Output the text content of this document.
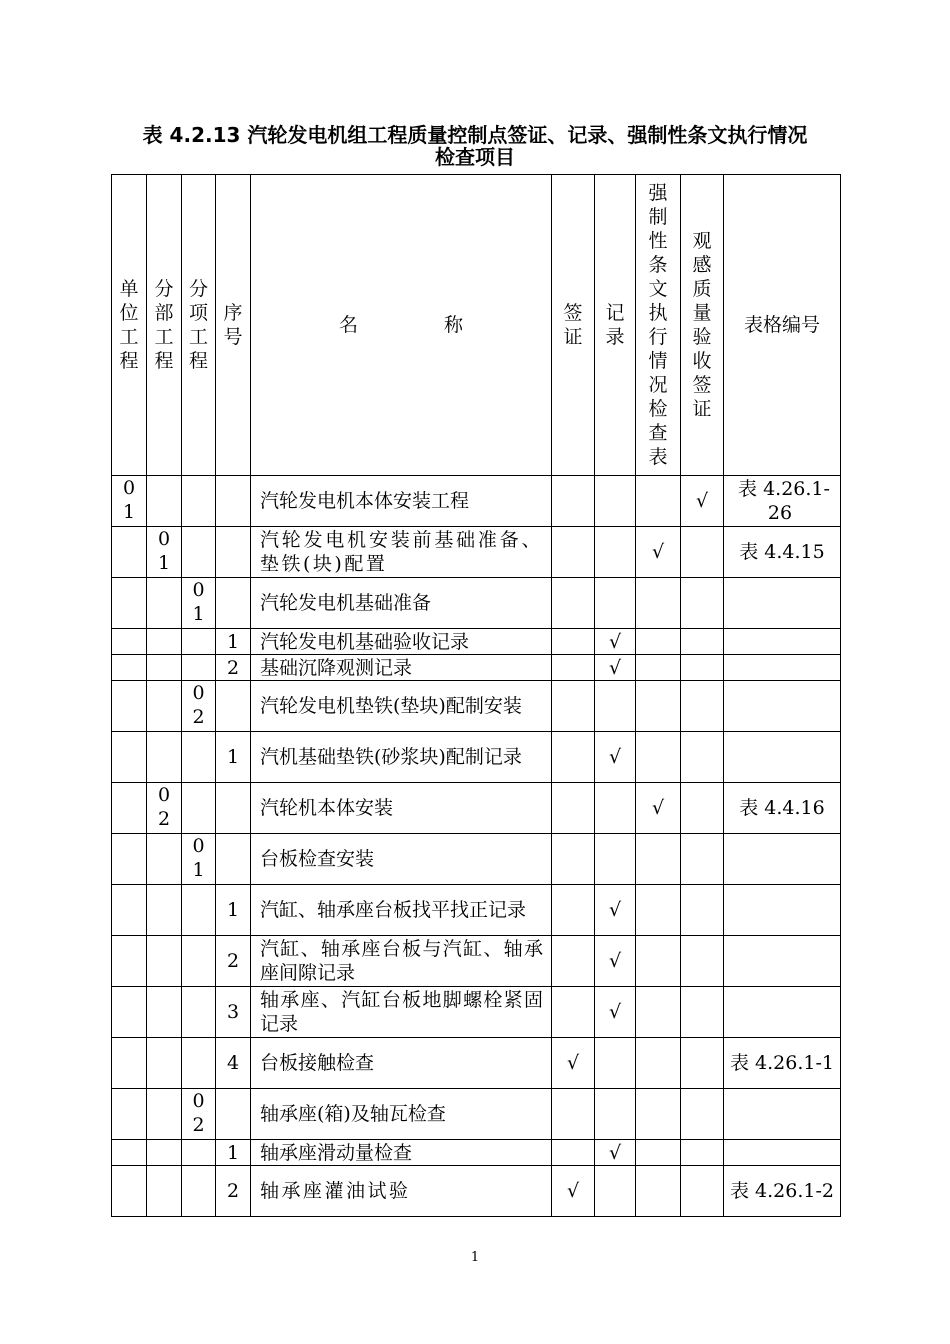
表 4.2.13 汽轮发电机组工程质量控制点签证、记录、强制性条文执行情况
检查项目
单位工程	分部工程	分项工程	序号	名 称	签证	记录	强制性条文执行情况检查表	观感质量验收签证	表格编号
01				汽轮发电机本体安装工程				√	表 4.26.1-26
	01			汽轮发电机安装前基础准备、垫铁(块)配置			√		表 4.4.15
		01		汽轮发电机基础准备					

			1	汽轮发电机基础验收记录		√			
			2	基础沉降观测记录		√			
		02		汽轮发电机垫铁(垫块)配制安装					

			1	汽机基础垫铁(砂浆块)配制记录		√			
	02			汽轮机本体安装			√		表 4.4.16
		01		台板检查安装					

			1	汽缸、轴承座台板找平找正记录		√			
			2	汽缸、轴承座台板与汽缸、轴承座间隙记录		√			
			3	轴承座、汽缸台板地脚螺栓紧固记录		√			
			4	台板接触检查	√				表 4.26.1-1
		02		轴承座(箱)及轴瓦检查					

			1	轴承座滑动量检查		√			
			2	轴承座灌油试验	√				表 4.26.1-2
1
